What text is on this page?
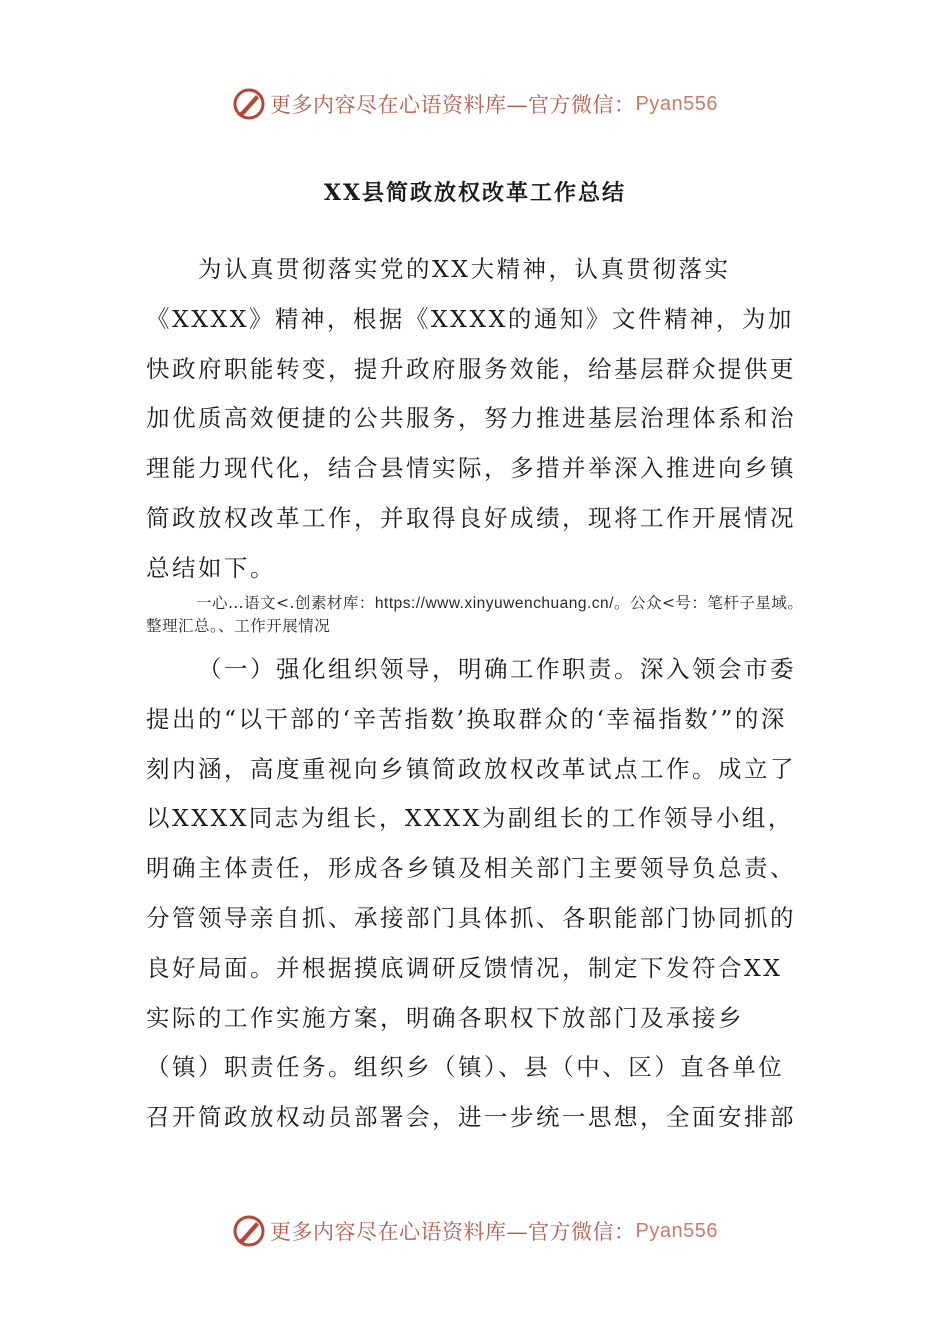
更多内容尽在心语资料库—官方微信： Pyan556
XX县简政放权改革工作总结

为认真贯彻落实党的XX大精神，认真贯彻落实《XXXX》精神，根据《XXXX的通知》文件精神，为加快政府职能转变，提升政府服务效能，给基层群众提供更加优质高效便捷的公共服务，努力推进基层治理体系和治理能力现代化，结合县情实际，多措并举深入推进向乡镇简政放权改革工作，并取得良好成绩，现将工作开展情况总结如下。

一心…语文<.创素材库：https://www.xinyuwenchuang.cn/。公众<号：笔杆子星域。整理汇总。、工作开展情况

（一）强化组织领导，明确工作职责。深入领会市委提出的“以干部的‘辛苦指数’换取群众的‘幸福指数’”的深刻内涵，高度重视向乡镇简政放权改革试点工作。成立了以XXXX同志为组长，XXXX为副组长的工作领导小组，明确主体责任，形成各乡镇及相关部门主要领导负总责、分管领导亲自抓、承接部门具体抓、各职能部门协同抓的良好局面。并根据摸底调研反馈情况，制定下发符合XX实际的工作实施方案，明确各职权下放部门及承接乡（镇）职责任务。组织乡（镇）、县（中、区）直各单位召开简政放权动员部署会，进一步统一思想，全面安排部

更多内容尽在心语资料库—官方微信： Pyan556
